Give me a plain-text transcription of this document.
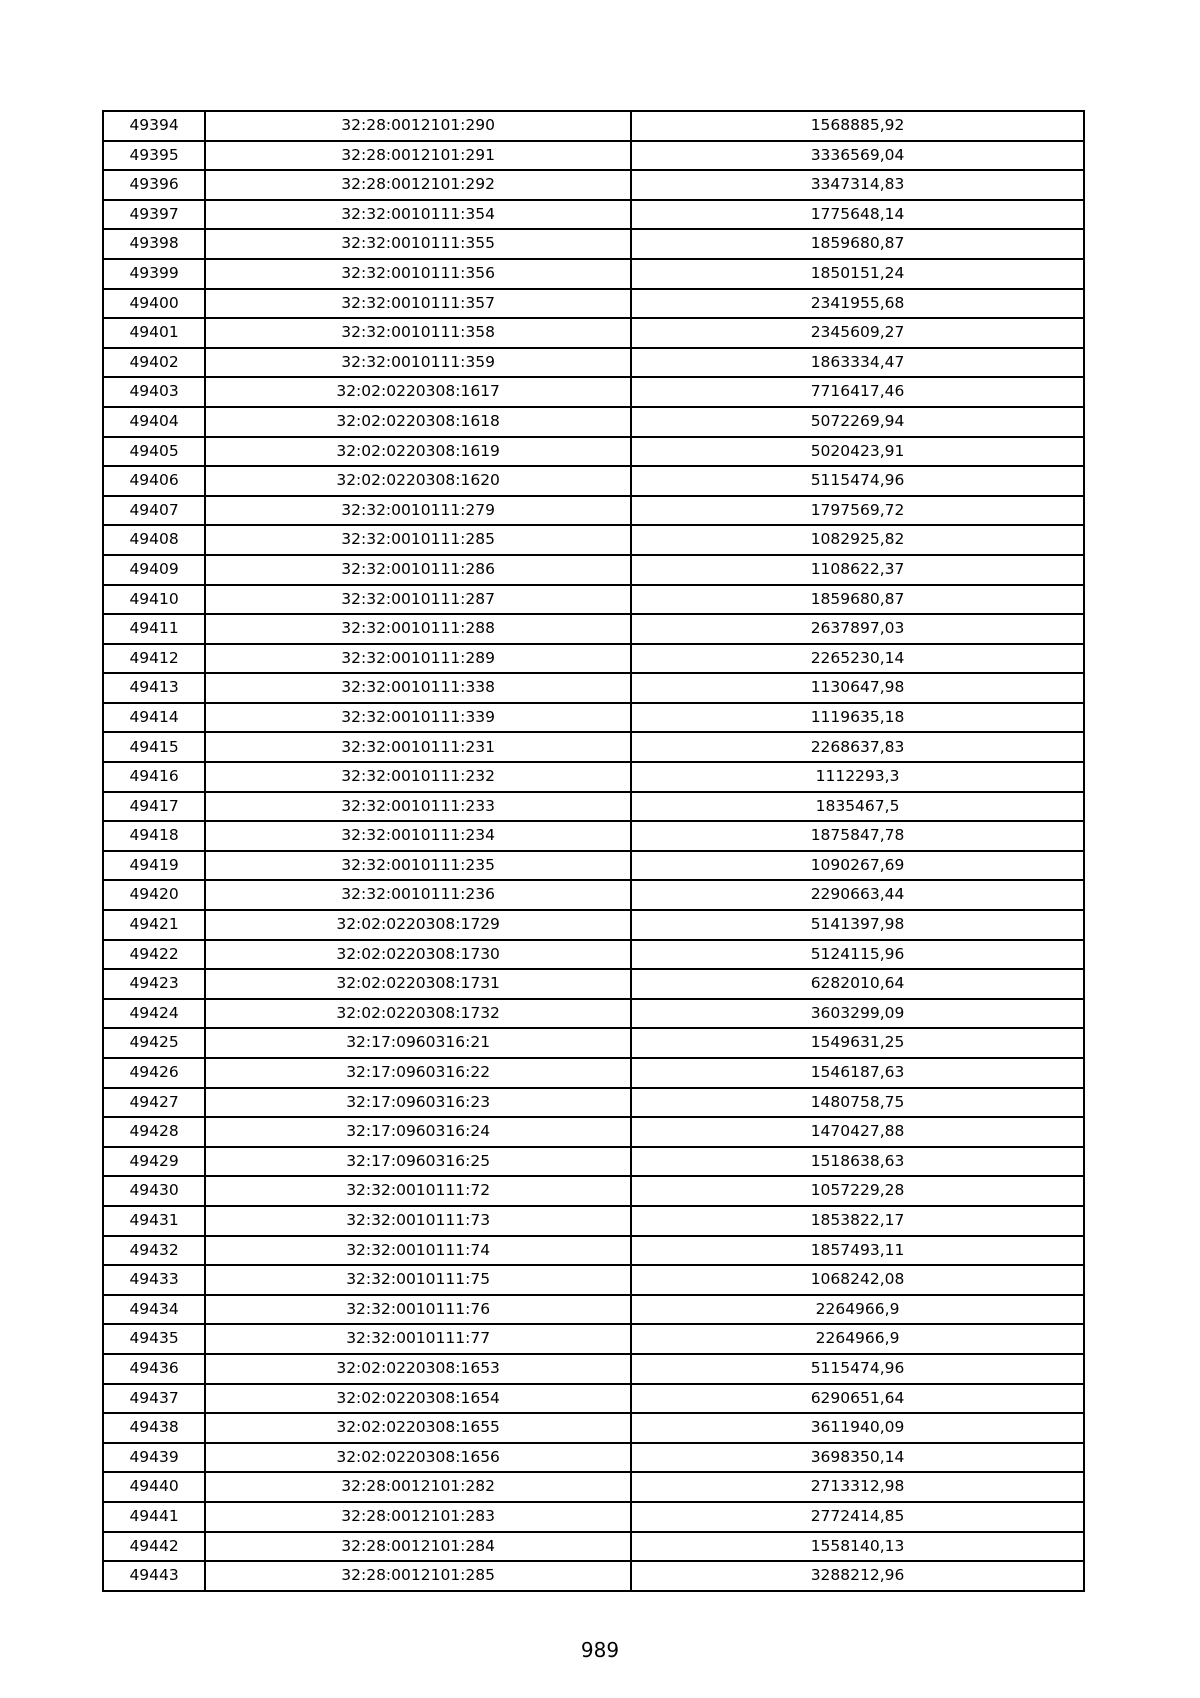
49394	32:28:0012101:290	1568885,92
49395	32:28:0012101:291	3336569,04
49396	32:28:0012101:292	3347314,83
49397	32:32:0010111:354	1775648,14
49398	32:32:0010111:355	1859680,87
49399	32:32:0010111:356	1850151,24
49400	32:32:0010111:357	2341955,68
49401	32:32:0010111:358	2345609,27
49402	32:32:0010111:359	1863334,47
49403	32:02:0220308:1617	7716417,46
49404	32:02:0220308:1618	5072269,94
49405	32:02:0220308:1619	5020423,91
49406	32:02:0220308:1620	5115474,96
49407	32:32:0010111:279	1797569,72
49408	32:32:0010111:285	1082925,82
49409	32:32:0010111:286	1108622,37
49410	32:32:0010111:287	1859680,87
49411	32:32:0010111:288	2637897,03
49412	32:32:0010111:289	2265230,14
49413	32:32:0010111:338	1130647,98
49414	32:32:0010111:339	1119635,18
49415	32:32:0010111:231	2268637,83
49416	32:32:0010111:232	1112293,3
49417	32:32:0010111:233	1835467,5
49418	32:32:0010111:234	1875847,78
49419	32:32:0010111:235	1090267,69
49420	32:32:0010111:236	2290663,44
49421	32:02:0220308:1729	5141397,98
49422	32:02:0220308:1730	5124115,96
49423	32:02:0220308:1731	6282010,64
49424	32:02:0220308:1732	3603299,09
49425	32:17:0960316:21	1549631,25
49426	32:17:0960316:22	1546187,63
49427	32:17:0960316:23	1480758,75
49428	32:17:0960316:24	1470427,88
49429	32:17:0960316:25	1518638,63
49430	32:32:0010111:72	1057229,28
49431	32:32:0010111:73	1853822,17
49432	32:32:0010111:74	1857493,11
49433	32:32:0010111:75	1068242,08
49434	32:32:0010111:76	2264966,9
49435	32:32:0010111:77	2264966,9
49436	32:02:0220308:1653	5115474,96
49437	32:02:0220308:1654	6290651,64
49438	32:02:0220308:1655	3611940,09
49439	32:02:0220308:1656	3698350,14
49440	32:28:0012101:282	2713312,98
49441	32:28:0012101:283	2772414,85
49442	32:28:0012101:284	1558140,13
49443	32:28:0012101:285	3288212,96
989
